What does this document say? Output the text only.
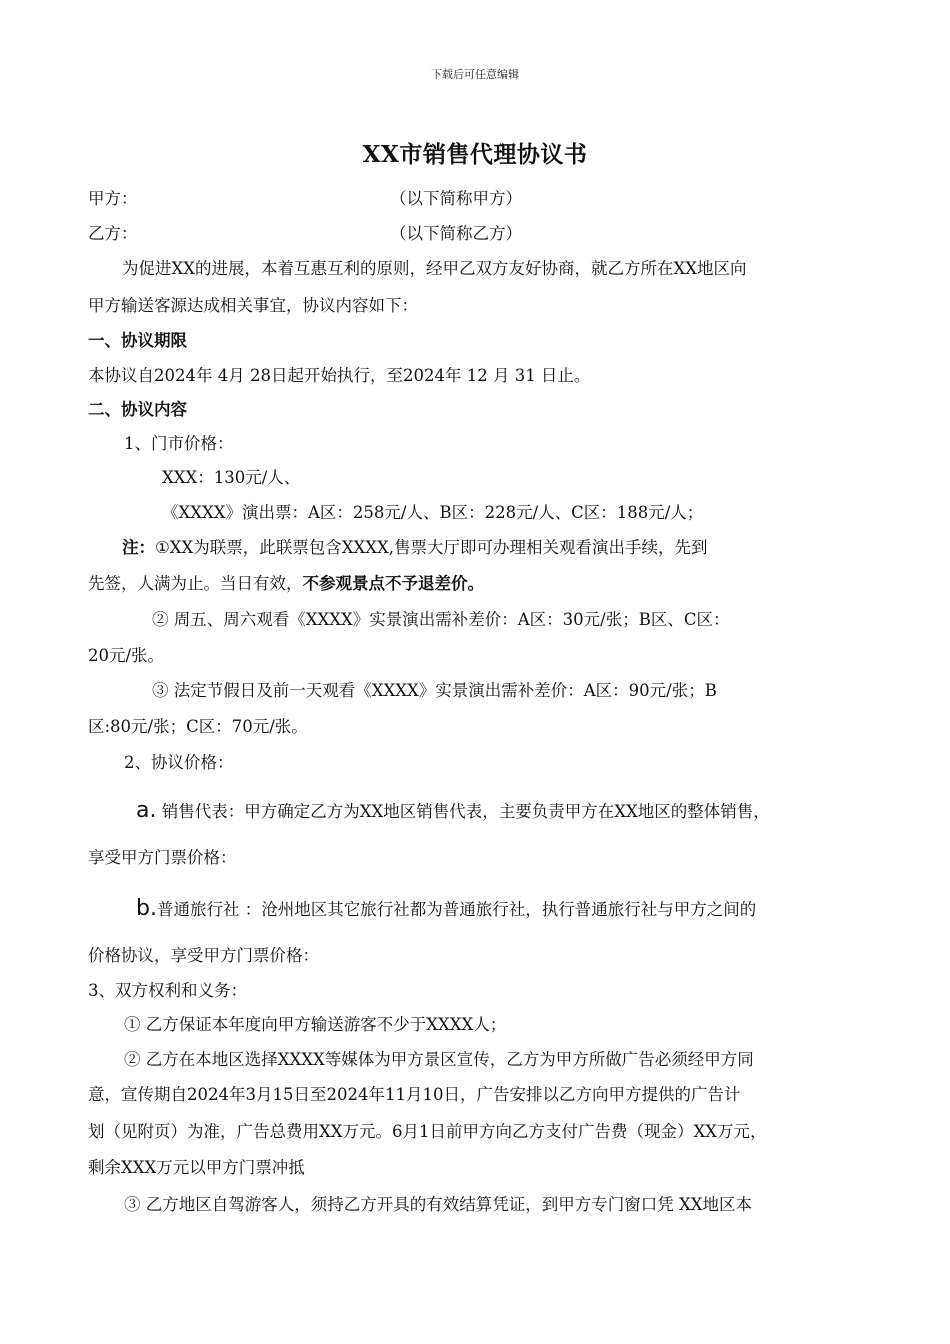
下载后可任意编辑
XX市销售代理协议书
甲方：	（以下简称甲方）
乙方：	（以下简称乙方）
为促进XX的进展，本着互惠互利的原则，经甲乙双方友好协商，就乙方所在XX地区向
甲方输送客源达成相关事宜，协议内容如下：
一、协议期限
本协议自2024年 4月 28日起开始执行，至2024年 12 月 31 日止。
二、协议内容
1、门市价格：
XXX：130元/人、
《XXXX》演出票：A区：258元/人、B区：228元/人、C区：188元/人；
注：①XX为联票，此联票包含XXXX,售票大厅即可办理相关观看演出手续，先到
先签，人满为止。当日有效，不参观景点不予退差价。
② 周五、周六观看《XXXX》实景演出需补差价：A区：30元/张；B区、C区：
20元/张。
③ 法定节假日及前一天观看《XXXX》实景演出需补差价：A区：90元/张；B
区:80元/张；C区：70元/张。
2、协议价格：
a. 销售代表：甲方确定乙方为XX地区销售代表，主要负责甲方在XX地区的整体销售，
享受甲方门票价格：
b.普通旅行社 ：沧州地区其它旅行社都为普通旅行社，执行普通旅行社与甲方之间的
价格协议，享受甲方门票价格：
3、双方权利和义务：
① 乙方保证本年度向甲方输送游客不少于XXXX人；
② 乙方在本地区选择XXXX等媒体为甲方景区宣传，乙方为甲方所做广告必须经甲方同
意，宣传期自2024年3月15日至2024年11月10日，广告安排以乙方向甲方提供的广告计
划（见附页）为准，广告总费用XX万元。6月1日前甲方向乙方支付广告费（现金）XX万元，
剩余XXX万元以甲方门票冲抵
③ 乙方地区自驾游客人，须持乙方开具的有效结算凭证，到甲方专门窗口凭 XX地区本
